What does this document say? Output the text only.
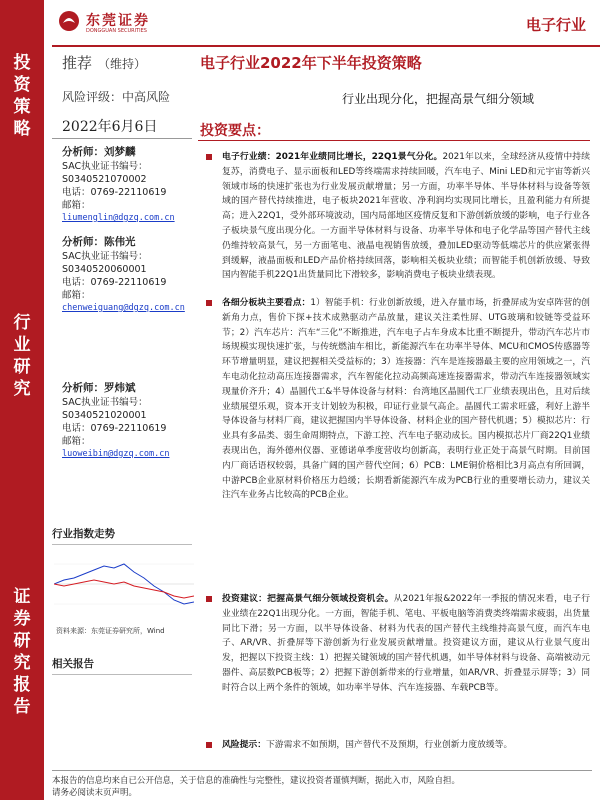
投
资
策
略
行
业
研
究
证
券
研
究
报
告
东莞证券
DONGGUAN SECURITIES	电子行业
推荐 （维持）	电子行业2022年下半年投资策略
风险评级：中高风险	行业出现分化，把握高景气细分领域
2022年6月6日	投资要点：
分析师：刘梦麟
SAC执业证书编号：
S0340521070002
电话：0769-22110619
邮箱：
liumenglin@dgzq.com.cn
分析师：陈伟光
SAC执业证书编号：
S0340520060001
电话：0769-22110619
邮箱：
chenweiguang@dgzq.com.cn
分析师：罗炜斌
SAC执业证书编号：
S0340521020001
电话：0769-22110619
邮箱：
luoweibin@dgzq.com.cn
行业指数走势
资料来源：东莞证券研究所，Wind
相关报告

电子行业绩：2021年业绩同比增长，22Q1景气分化。2021年以来，全球经济从疫情中持续复苏，消费电子、显示面板和LED等终端需求持续回暖，汽车电子、Mini LED和元宇宙等新兴领域市场的快速扩张也为行业发展贡献增量；另一方面，功率半导体、半导体材料与设备等领域的国产替代持续推进，电子板块2021年营收、净利润均实现同比增长，且盈利能力有所提高；进入22Q1，受外部环境波动，国内局部地区疫情反复和下游创新放缓的影响，电子行业各子板块景气度出现分化。一方面半导体材料与设备、功率半导体和电子化学品等国产替代主线仍维持较高景气，另一方面笔电、液晶电视销售放缓，叠加LED驱动等低端芯片的供应紧张得到缓解，液晶面板和LED产品价格持续回落，影响相关板块业绩；而智能手机创新放缓、导致国内智能手机22Q1出货量同比下滑较多，影响消费电子板块业绩表现。

各细分板块主要看点：1）智能手机：行业创新放缓，进入存量市场，折叠屏成为安卓阵营的创新角力点，售价下探+技术成熟驱动产品放量，建议关注柔性屏、UTG玻璃和铰链等受益环节；2）汽车芯片：汽车“三化”不断推进，汽车电子占车身成本比重不断提升，带动汽车芯片市场规模实现快速扩张，与传统燃油车相比，新能源汽车在功率半导体、MCU和CMOS传感器等环节增量明显，建议把握相关受益标的；3）连接器：汽车是连接器最主要的应用领域之一，汽车电动化拉动高压连接器需求，汽车智能化拉动高频高速连接器需求，带动汽车连接器领域实现量价齐升；4）晶圆代工&半导体设备与材料：台湾地区晶圆代工厂业绩表现出色，且对后续业绩展望乐观，资本开支计划较为积极，印证行业景气高企。晶圆代工需求旺盛，利好上游半导体设备与材料厂商，建议把握国内半导体设备、材料企业的国产替代机遇；5）模拟芯片：行业具有多品类、弱生命周期特点，下游工控、汽车电子驱动成长。国内模拟芯片厂商22Q1业绩表现出色，海外德州仪器、亚德诺单季度营收均创新高，表明行业正处于高景气时期。目前国内厂商话语权较弱，具备广阔的国产替代空间；6）PCB：LME铜价格相比3月高点有所回调，中游PCB企业原材料价格压力趋缓；长期看新能源汽车成为PCB行业的重要增长动力，建议关注汽车业务占比较高的PCB企业。

投资建议：把握高景气细分领域投资机会。从2021年报&2022年一季报的情况来看，电子行业业绩在22Q1出现分化。一方面，智能手机、笔电、平板电脑等消费类终端需求疲弱，出货量同比下滑；另一方面，以半导体设备、材料为代表的国产替代主线维持高景气度，而汽车电子、AR/VR、折叠屏等下游创新为行业发展贡献增量。投资建议方面，建议从行业景气度出发，把握以下投资主线：1）把握关键领域的国产替代机遇，如半导体材料与设备、高端被动元器件、高层数PCB板等；2）把握下游创新带来的行业增量，如AR/VR、折叠显示屏等；3）同时符合以上两个条件的领域，如功率半导体、汽车连接器、车载PCB等。

风险提示：下游需求不如预期，国产替代不及预期，行业创新力度放缓等。

本报告的信息均来自已公开信息，关于信息的准确性与完整性，建议投资者谨慎判断，据此入市，风险自担。
请务必阅读末页声明。
